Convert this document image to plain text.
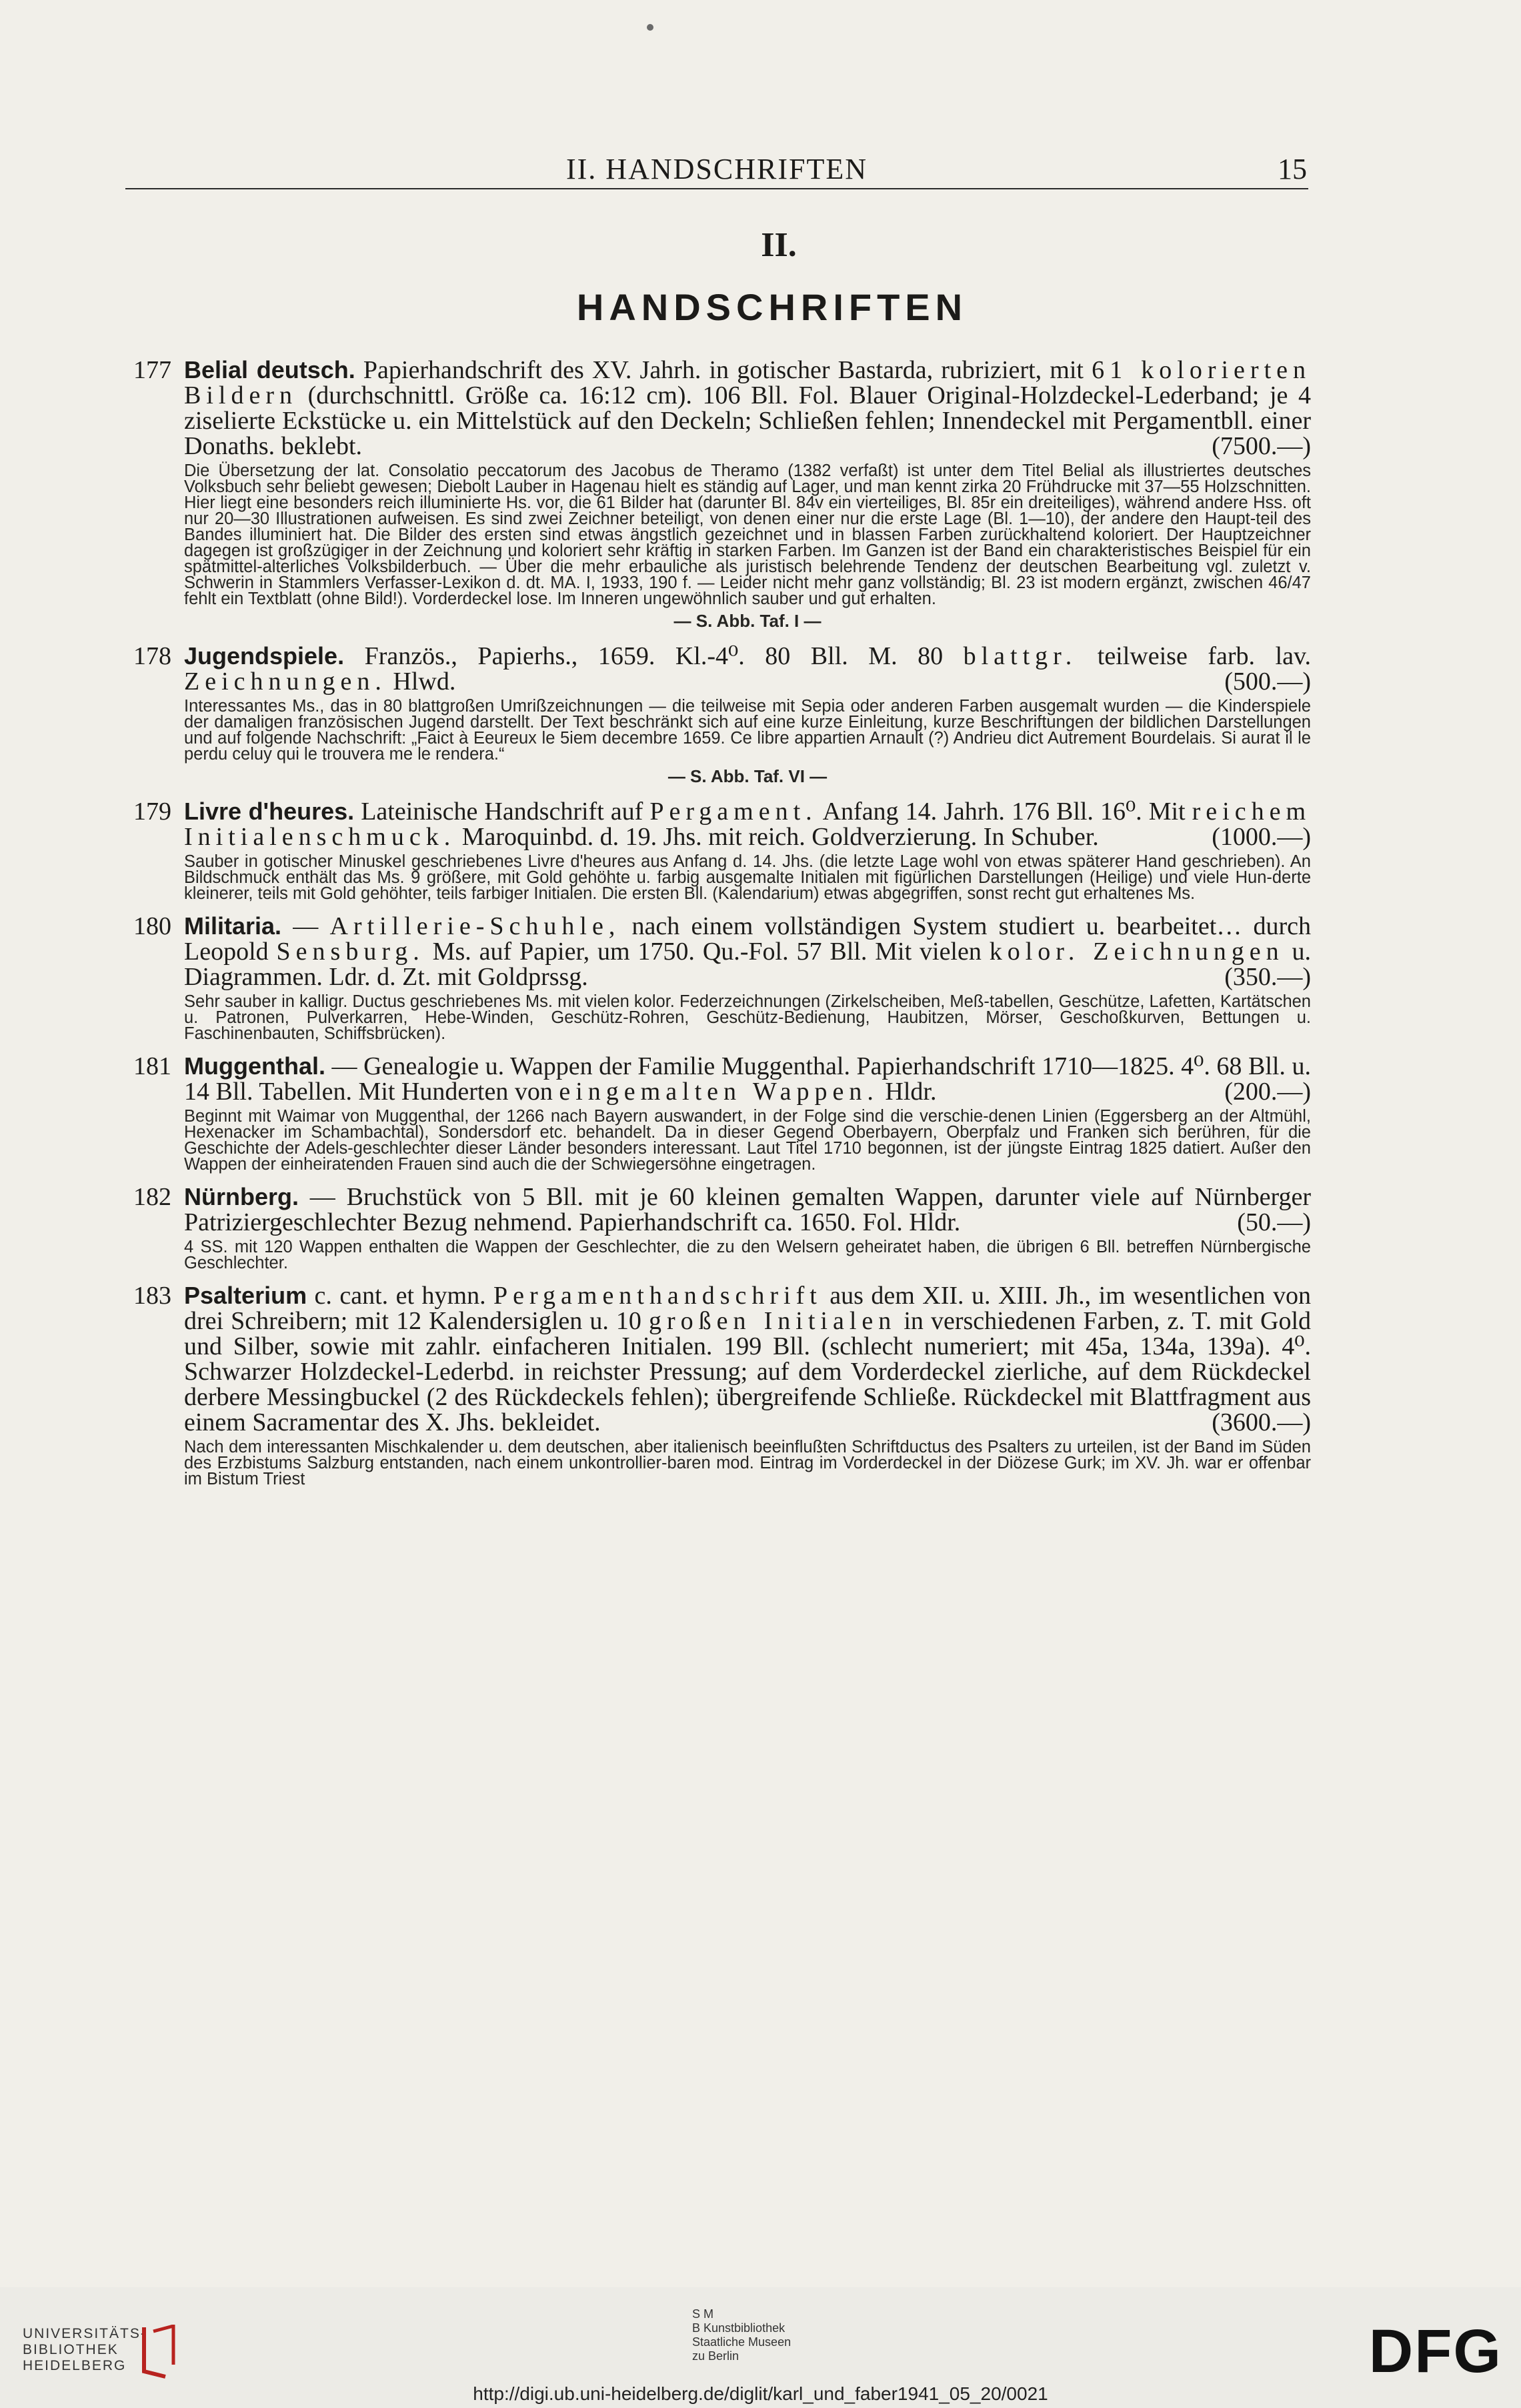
II. HANDSCHRIFTEN	15
II.
HANDSCHRIFTEN
177 Belial deutsch. Papierhandschrift des XV. Jahrh. in gotischer Bastarda, rubriziert, mit 61 kolorierten Bildern (durchschnittl. Größe ca. 16:12 cm). 106 Bll. Fol. Blauer Original-Holzdeckel-Lederband; je 4 ziselierte Eckstücke u. ein Mittelstück auf den Deckeln; Schließen fehlen; Innendeckel mit Pergamentbll. einer Donaths. beklebt.	(7500.—)
Die Übersetzung der lat. Consolatio peccatorum des Jacobus de Theramo (1382 verfaßt) ist unter dem Titel Belial als illustriertes deutsches Volksbuch sehr beliebt gewesen; Diebolt Lauber in Hagenau hielt es ständig auf Lager, und man kennt zirka 20 Frühdrucke mit 37—55 Holzschnitten. Hier liegt eine besonders reich illuminierte Hs. vor, die 61 Bilder hat (darunter Bl. 84v ein vierteiliges, Bl. 85r ein dreiteiliges), während andere Hss. oft nur 20—30 Illustrationen aufweisen. Es sind zwei Zeichner beteiligt, von denen einer nur die erste Lage (Bl. 1—10), der andere den Haupt-teil des Bandes illuminiert hat. Die Bilder des ersten sind etwas ängstlich gezeichnet und in blassen Farben zurückhaltend koloriert. Der Hauptzeichner dagegen ist großzügiger in der Zeichnung und koloriert sehr kräftig in starken Farben. Im Ganzen ist der Band ein charakteristisches Beispiel für ein spätmittel-alterliches Volksbilderbuch. — Über die mehr erbauliche als juristisch belehrende Tendenz der deutschen Bearbeitung vgl. zuletzt v. Schwerin in Stammlers Verfasser-Lexikon d. dt. MA. I, 1933, 190 f. — Leider nicht mehr ganz vollständig; Bl. 23 ist modern ergänzt, zwischen 46/47 fehlt ein Textblatt (ohne Bild!). Vorderdeckel lose. Im Inneren ungewöhnlich sauber und gut erhalten.
— S. Abb. Taf. I —
178 Jugendspiele. Französ., Papierhs., 1659. Kl.-4⁰. 80 Bll. M. 80 blattgr. teilweise farb. lav. Zeichnungen. Hlwd.	(500.—)
Interessantes Ms., das in 80 blattgroßen Umrißzeichnungen — die teilweise mit Sepia oder anderen Farben ausgemalt wurden — die Kinderspiele der damaligen französischen Jugend darstellt. Der Text beschränkt sich auf eine kurze Einleitung, kurze Beschriftungen der bildlichen Darstellungen und auf folgende Nachschrift: „Faict à Eeureux le 5iem decembre 1659. Ce libre appartien Arnault (?) Andrieu dict Autrement Bourdelais. Si aurat il le perdu celuy qui le trouvera me le rendera.“
— S. Abb. Taf. VI —
179 Livre d'heures. Lateinische Handschrift auf Pergament. Anfang 14. Jahrh. 176 Bll. 16⁰. Mit reichem Initialenschmuck. Maroquinbd. d. 19. Jhs. mit reich. Goldverzierung. In Schuber.	(1000.—)
Sauber in gotischer Minuskel geschriebenes Livre d'heures aus Anfang d. 14. Jhs. (die letzte Lage wohl von etwas späterer Hand geschrieben). An Bildschmuck enthält das Ms. 9 größere, mit Gold gehöhte u. farbig ausgemalte Initialen mit figürlichen Darstellungen (Heilige) und viele Hun-derte kleinerer, teils mit Gold gehöhter, teils farbiger Initialen. Die ersten Bll. (Kalendarium) etwas abgegriffen, sonst recht gut erhaltenes Ms.
180 Militaria. — Artillerie-Schuhle, nach einem vollständigen System studiert u. bearbeitet… durch Leopold Sensburg. Ms. auf Papier, um 1750. Qu.-Fol. 57 Bll. Mit vielen kolor. Zeichnungen u. Diagrammen. Ldr. d. Zt. mit Goldprssg.	(350.—)
Sehr sauber in kalligr. Ductus geschriebenes Ms. mit vielen kolor. Federzeichnungen (Zirkelscheiben, Meß-tabellen, Geschütze, Lafetten, Kartätschen u. Patronen, Pulverkarren, Hebe-Winden, Geschütz-Rohren, Geschütz-Bedienung, Haubitzen, Mörser, Geschoßkurven, Bettungen u. Faschinenbauten, Schiffsbrücken).
181 Muggenthal. — Genealogie u. Wappen der Familie Muggenthal. Papierhandschrift 1710—1825. 4⁰. 68 Bll. u. 14 Bll. Tabellen. Mit Hunderten von eingemalten Wappen. Hldr.	(200.—)
Beginnt mit Waimar von Muggenthal, der 1266 nach Bayern auswandert, in der Folge sind die verschie-denen Linien (Eggersberg an der Altmühl, Hexenacker im Schambachtal), Sondersdorf etc. behandelt. Da in dieser Gegend Oberbayern, Oberpfalz und Franken sich berühren, für die Geschichte der Adels-geschlechter dieser Länder besonders interessant. Laut Titel 1710 begonnen, ist der jüngste Eintrag 1825 datiert. Außer den Wappen der einheiratenden Frauen sind auch die der Schwiegersöhne eingetragen.
182 Nürnberg. — Bruchstück von 5 Bll. mit je 60 kleinen gemalten Wappen, darunter viele auf Nürnberger Patriziergeschlechter Bezug nehmend. Papierhandschrift ca. 1650. Fol. Hldr.	(50.—)
4 SS. mit 120 Wappen enthalten die Wappen der Geschlechter, die zu den Welsern geheiratet haben, die übrigen 6 Bll. betreffen Nürnbergische Geschlechter.
183 Psalterium c. cant. et hymn. Pergamenthandschrift aus dem XII. u. XIII. Jh., im wesentlichen von drei Schreibern; mit 12 Kalendersiglen u. 10 großen Initialen in verschiedenen Farben, z. T. mit Gold und Silber, sowie mit zahlr. einfacheren Initialen. 199 Bll. (schlecht numeriert; mit 45a, 134a, 139a). 4⁰. Schwarzer Holzdeckel-Lederbd. in reichster Pressung; auf dem Vorderdeckel zierliche, auf dem Rückdeckel derbere Messingbuckel (2 des Rückdeckels fehlen); übergreifende Schließe. Rückdeckel mit Blattfragment aus einem Sacramentar des X. Jhs. bekleidet.	(3600.—)
Nach dem interessanten Mischkalender u. dem deutschen, aber italienisch beeinflußten Schriftductus des Psalters zu urteilen, ist der Band im Süden des Erzbistums Salzburg entstanden, nach einem unkontrollier-baren mod. Eintrag im Vorderdeckel in der Diözese Gurk; im XV. Jh. war er offenbar im Bistum Triest
UNIVERSITÄTS-
BIBLIOTHEK
HEIDELBERG
S M
B Kunstbibliothek
Staatliche Museen
zu Berlin	DFG
http://digi.ub.uni-heidelberg.de/diglit/karl_und_faber1941_05_20/0021
